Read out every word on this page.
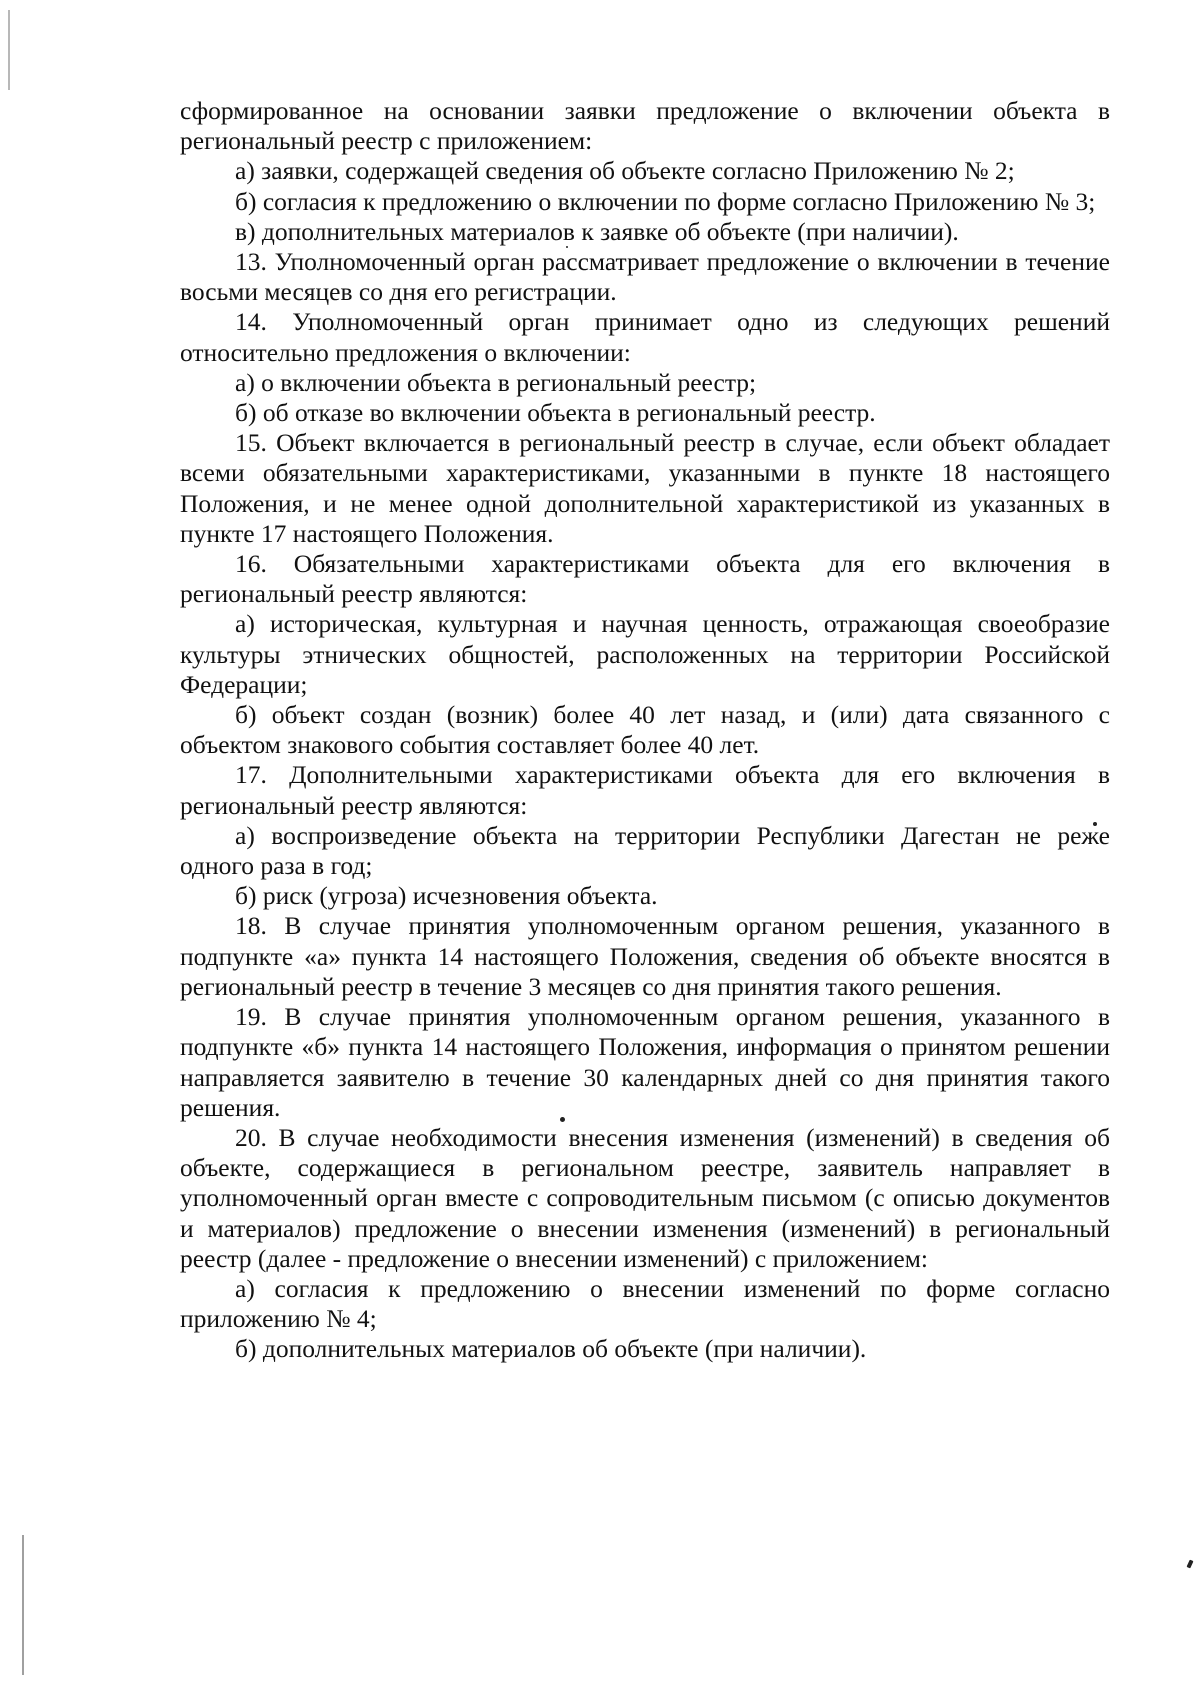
сформированное на основании заявки предложение о включении объекта в региональный реестр с приложением:

а) заявки, содержащей сведения об объекте согласно Приложению № 2;

б) согласия к предложению о включении по форме согласно Приложению № 3;

в) дополнительных материалов к заявке об объекте (при наличии).

13. Уполномоченный орган рассматривает предложение о включении в течение восьми месяцев со дня его регистрации.

14. Уполномоченный орган принимает одно из следующих решений относительно предложения о включении:

а) о включении объекта в региональный реестр;

б) об отказе во включении объекта в региональный реестр.

15. Объект включается в региональный реестр в случае, если объект обладает всеми обязательными характеристиками, указанными в пункте 18 настоящего Положения, и не менее одной дополнительной характеристикой из указанных в пункте 17 настоящего Положения.

16. Обязательными характеристиками объекта для его включения в региональный реестр являются:

а) историческая, культурная и научная ценность, отражающая своеобразие культуры этнических общностей, расположенных на территории Российской Федерации;

б) объект создан (возник) более 40 лет назад, и (или) дата связанного с объектом знакового события составляет более 40 лет.

17. Дополнительными характеристиками объекта для его включения в региональный реестр являются:

а) воспроизведение объекта на территории Республики Дагестан не реже одного раза в год;

б) риск (угроза) исчезновения объекта.

18. В случае принятия уполномоченным органом решения, указанного в подпункте «а» пункта 14 настоящего Положения, сведения об объекте вносятся в региональный реестр в течение 3 месяцев со дня принятия такого решения.

19. В случае принятия уполномоченным органом решения, указанного в подпункте «б» пункта 14 настоящего Положения, информация о принятом решении направляется заявителю в течение 30 календарных дней со дня принятия такого решения.

20. В случае необходимости внесения изменения (изменений) в сведения об объекте, содержащиеся в региональном реестре, заявитель направляет в уполномоченный орган вместе с сопроводительным письмом (с описью документов и материалов) предложение о внесении изменения (изменений) в региональный реестр (далее - предложение о внесении изменений) с приложением:

а) согласия к предложению о внесении изменений по форме согласно приложению № 4;

б) дополнительных материалов об объекте (при наличии).
